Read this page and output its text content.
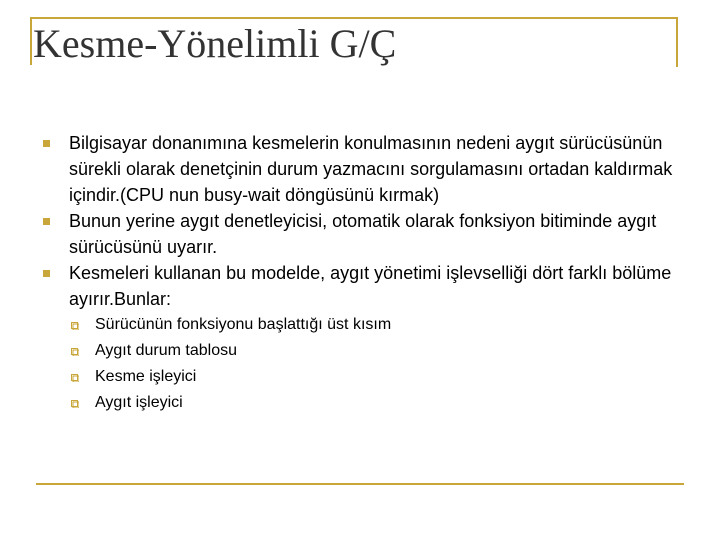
Kesme-Yönelimli G/Ç
Bilgisayar donanımına kesmelerin konulmasının nedeni aygıt sürücüsünün sürekli olarak denetçinin durum yazmacını sorgulamasını ortadan kaldırmak içindir.(CPU nun busy-wait döngüsünü kırmak)
Bunun yerine aygıt denetleyicisi, otomatik olarak fonksiyon bitiminde aygıt sürücüsünü uyarır.
Kesmeleri kullanan bu modelde, aygıt yönetimi işlevselliği dört farklı bölüme ayırır.Bunlar:
Sürücünün fonksiyonu başlattığı üst kısım
Aygıt durum tablosu
Kesme işleyici
Aygıt işleyici
